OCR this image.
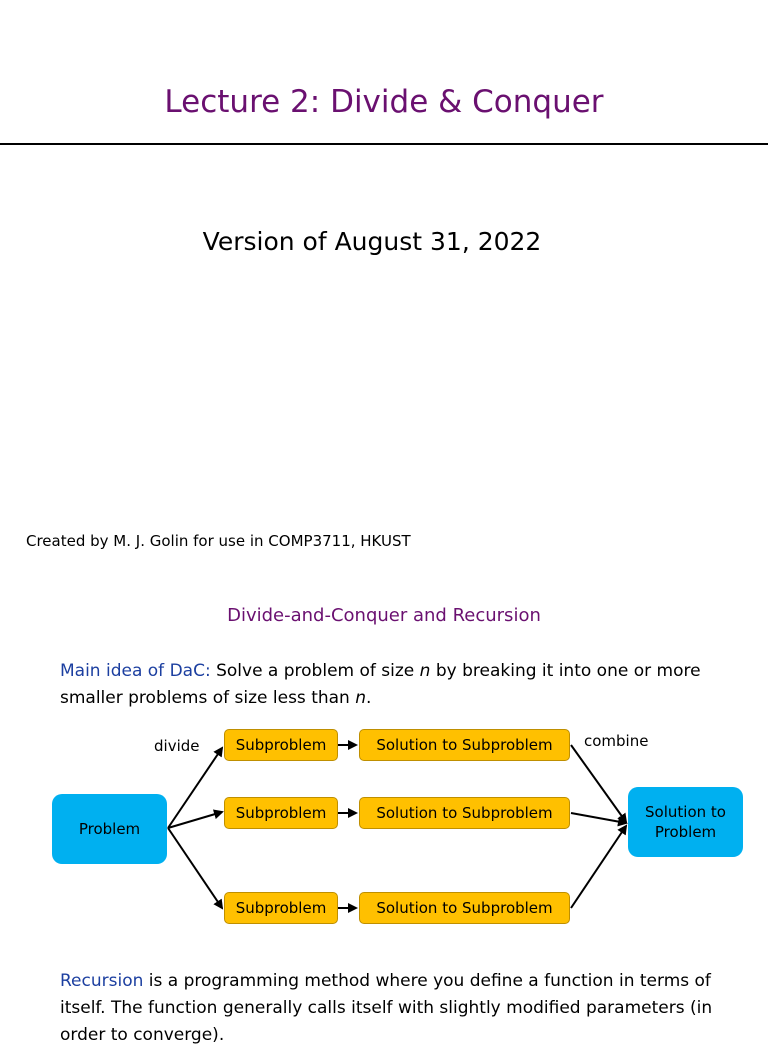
Lecture 2: Divide & Conquer
Version of August 31, 2022
Created by M. J. Golin for use in COMP3711, HKUST
Divide-and-Conquer and Recursion
Main idea of DaC: Solve a problem of size n by breaking it into one or more smaller problems of size less than n.
divide	combine
Problem
Subproblem
Subproblem
Subproblem
Solution to Subproblem
Solution to Subproblem
Solution to Subproblem
Solution to Problem
Recursion is a programming method where you define a function in terms of itself. The function generally calls itself with slightly modified parameters (in order to converge).
